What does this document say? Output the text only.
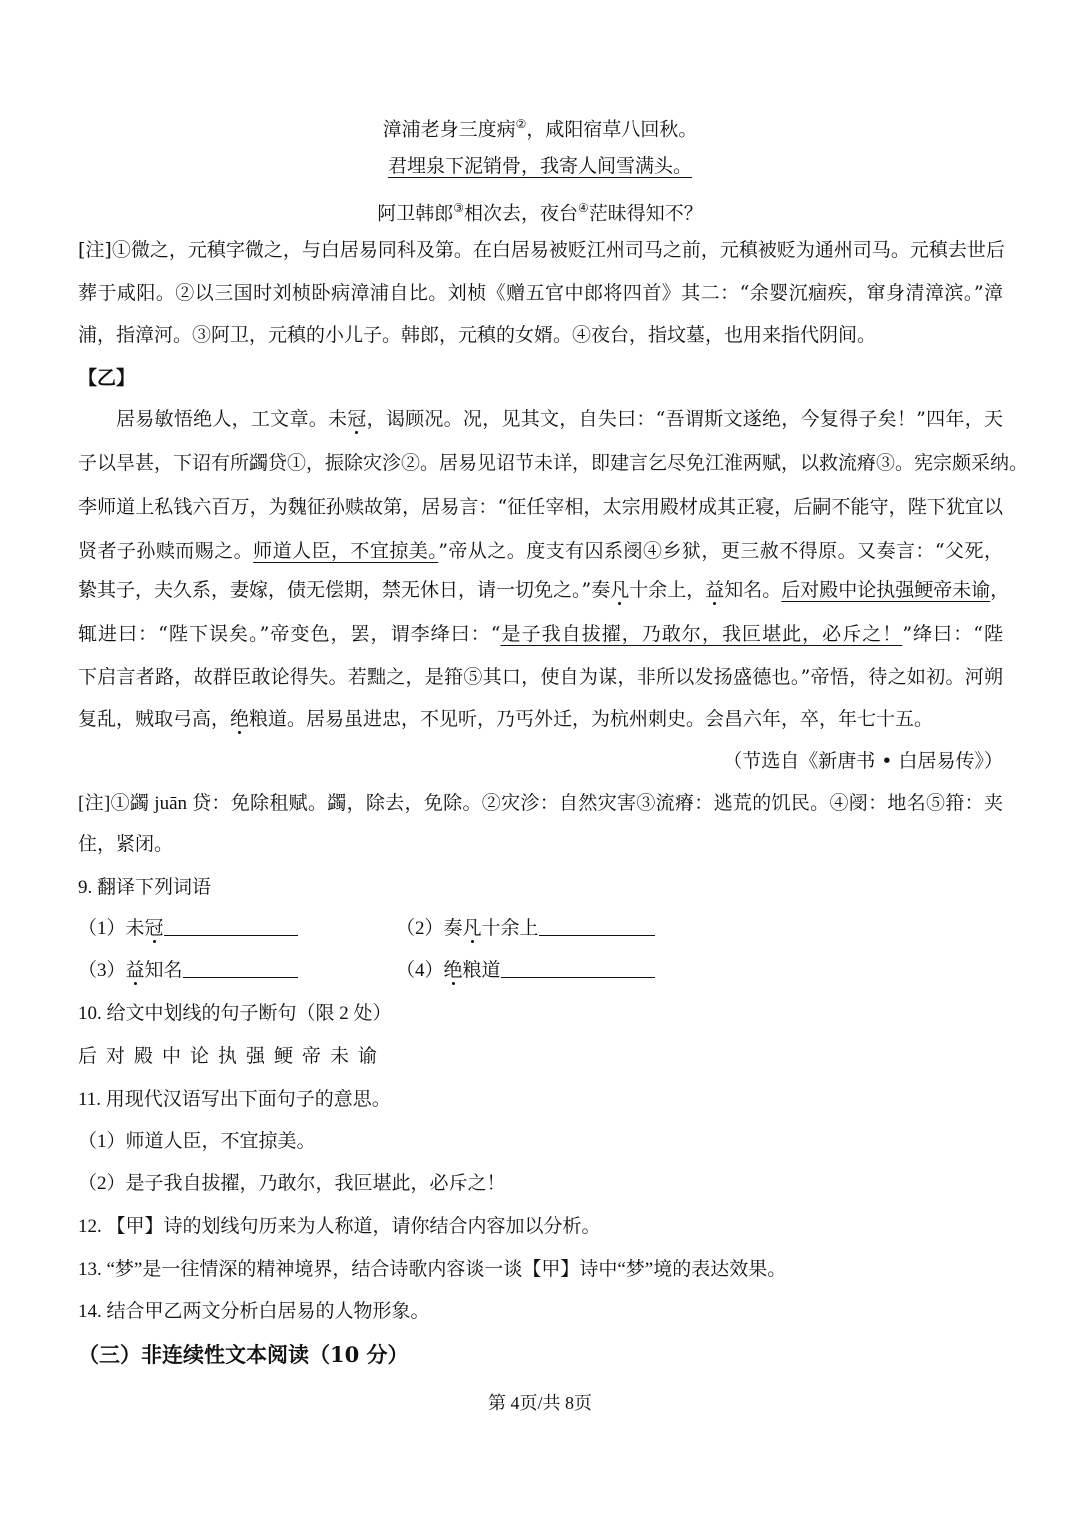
漳浦老身三度病②，咸阳宿草八回秋。
君埋泉下泥销骨，我寄人间雪满头。
阿卫韩郎③相次去，夜台④茫昧得知不？
[注]①微之，元稹字微之，与白居易同科及第。在白居易被贬江州司马之前，元稹被贬为通州司马。元稹去世后
葬于咸阳。②以三国时刘桢卧病漳浦自比。刘桢《赠五官中郎将四首》其二：“余婴沉痼疾，窜身清漳滨。”漳
浦，指漳河。③阿卫，元稹的小儿子。韩郎，元稹的女婿。④夜台，指坟墓，也用来指代阴间。
【乙】
居易敏悟绝人，工文章。未冠，谒顾况。况，见其文，自失曰：“吾谓斯文遂绝，今复得子矣！”四年，天
子以旱甚，下诏有所蠲贷①，振除灾沴②。居易见诏节未详，即建言乞尽免江淮两赋，以救流瘠③。宪宗颇采纳。
李师道上私钱六百万，为魏征孙赎故第，居易言：“征任宰相，太宗用殿材成其正寝，后嗣不能守，陛下犹宜以
贤者子孙赎而赐之。师道人臣，不宜掠美。”帝从之。度支有囚系阌④乡狱，更三赦不得原。又奏言：“父死，
絷其子，夫久系，妻嫁，债无偿期，禁无休日，请一切免之。”奏凡十余上，益知名。后对殿中论执强鲠帝未谕，
辄进曰：“陛下误矣。”帝变色，罢，谓李绛曰：“是子我自拔擢，乃敢尔，我叵堪此，必斥之！”绛曰：“陛
下启言者路，故群臣敢论得失。若黜之，是箝⑤其口，使自为谋，非所以发扬盛德也。”帝悟，待之如初。河朔
复乱，贼取弓高，绝粮道。居易虽进忠，不见听，乃丐外迁，为杭州刺史。会昌六年，卒，年七十五。
（节选自《新唐书 • 白居易传》）
[注]①蠲 juān 贷：免除租赋。蠲，除去，免除。②灾沴：自然灾害③流瘠：逃荒的饥民。④阌：地名⑤箝：夹
住，紧闭。
9. 翻译下列词语
（1）未冠	（2）奏凡十余上
（3）益知名	（4）绝粮道
10. 给文中划线的句子断句（限 2 处）
后对殿中论执强鲠帝未谕
11. 用现代汉语写出下面句子的意思。
（1）师道人臣，不宜掠美。
（2）是子我自拔擢，乃敢尔，我叵堪此，必斥之！
12. 【甲】诗的划线句历来为人称道，请你结合内容加以分析。
13. “梦”是一往情深的精神境界，结合诗歌内容谈一谈【甲】诗中“梦”境的表达效果。
14. 结合甲乙两文分析白居易的人物形象。
（三）非连续性文本阅读（10 分）
第 4页/共 8页
